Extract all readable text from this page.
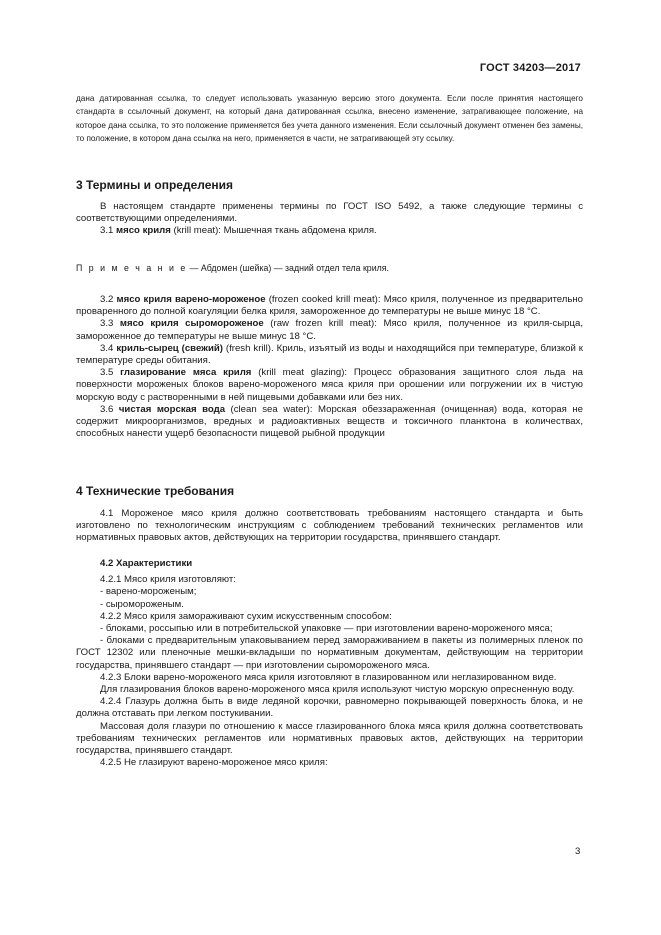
ГОСТ 34203—2017
дана датированная ссылка, то следует использовать указанную версию этого документа. Если после принятия настоящего стандарта в ссылочный документ, на который дана датированная ссылка, внесено изменение, затрагивающее положение, на которое дана ссылка, то это положение применяется без учета данного изменения. Если ссылочный документ отменен без замены, то положение, в котором дана ссылка на него, применяется в части, не затрагивающей эту ссылку.
3 Термины и определения

В настоящем стандарте применены термины по ГОСТ ISO 5492, а также следующие термины с соответствующими определениями.

3.1 мясо криля (krill meat): Мышечная ткань абдомена криля.

П р и м е ч а н и е — Абдомен (шейка) — задний отдел тела криля.

3.2 мясо криля варено-мороженое (frozen cooked krill meat): Мясо криля, полученное из предварительно проваренного до полной коагуляции белка криля, замороженное до температуры не выше минус 18 °С.

3.3 мясо криля сыромороженое (raw frozen krill meat): Мясо криля, полученное из криля-сырца, замороженное до температуры не выше минус 18 °С.

3.4 криль-сырец (свежий) (fresh krill). Криль, изъятый из воды и находящийся при температуре, близкой к температуре среды обитания.

3.5 глазирование мяса криля (krill meat glazing): Процесс образования защитного слоя льда на поверхности мороженых блоков варено-мороженого мяса криля при орошении или погружении их в чистую морскую воду с растворенными в ней пищевыми добавками или без них.

3.6 чистая морская вода (clean sea water): Морская обеззараженная (очищенная) вода, которая не содержит микроорганизмов, вредных и радиоактивных веществ и токсичного планктона в количествах, способных нанести ущерб безопасности пищевой рыбной продукции

4 Технические требования

4.1 Мороженое мясо криля должно соответствовать требованиям настоящего стандарта и быть изготовлено по технологическим инструкциям с соблюдением требований технических регламентов или нормативных правовых актов, действующих на территории государства, принявшего стандарт.

4.2 Характеристики

4.2.1 Мясо криля изготовляют:

- варено-мороженым;

- сыромороженым.

4.2.2 Мясо криля замораживают сухим искусственным способом:

- блоками, россыпью или в потребительской упаковке — при изготовлении варено-мороженого мяса;

- блоками с предварительным упаковыванием перед замораживанием в пакеты из полимерных пленок по ГОСТ 12302 или пленочные мешки-вкладыши по нормативным документам, действующим на территории государства, принявшего стандарт — при изготовлении сыромороженого мяса.

4.2.3 Блоки варено-мороженого мяса криля изготовляют в глазированном или неглазированном виде.

Для глазирования блоков варено-мороженого мяса криля используют чистую морскую опресненную воду.

4.2.4 Глазурь должна быть в виде ледяной корочки, равномерно покрывающей поверхность блока, и не должна отставать при легком постукивании.

Массовая доля глазури по отношению к массе глазированного блока мяса криля должна соответствовать требованиям технических регламентов или нормативных правовых актов, действующих на территории государства, принявшего стандарт.

4.2.5 Не глазируют варено-мороженое мясо криля:

3
